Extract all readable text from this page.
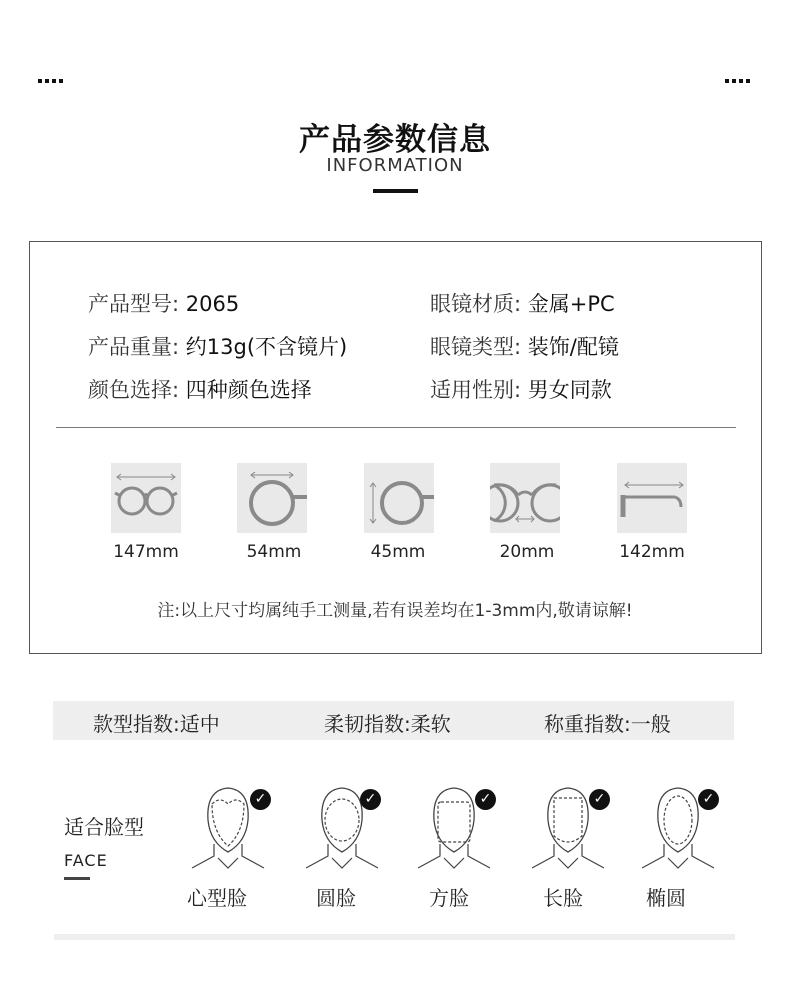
产品参数信息
INFORMATION
产品型号: 2065	眼镜材质: 金属+PC
产品重量: 约13g(不含镜片)	眼镜类型: 装饰/配镜
颜色选择: 四种颜色选择	适用性别: 男女同款
147mm	54mm	45mm	20mm	142mm
注:以上尺寸均属纯手工测量,若有误差均在1-3mm内,敬请谅解!
款型指数:适中	柔韧指数:柔软	称重指数:一般
适合脸型
FACE
✓	✓	✓	✓	✓
心型脸	圆脸	方脸	长脸	椭圆
